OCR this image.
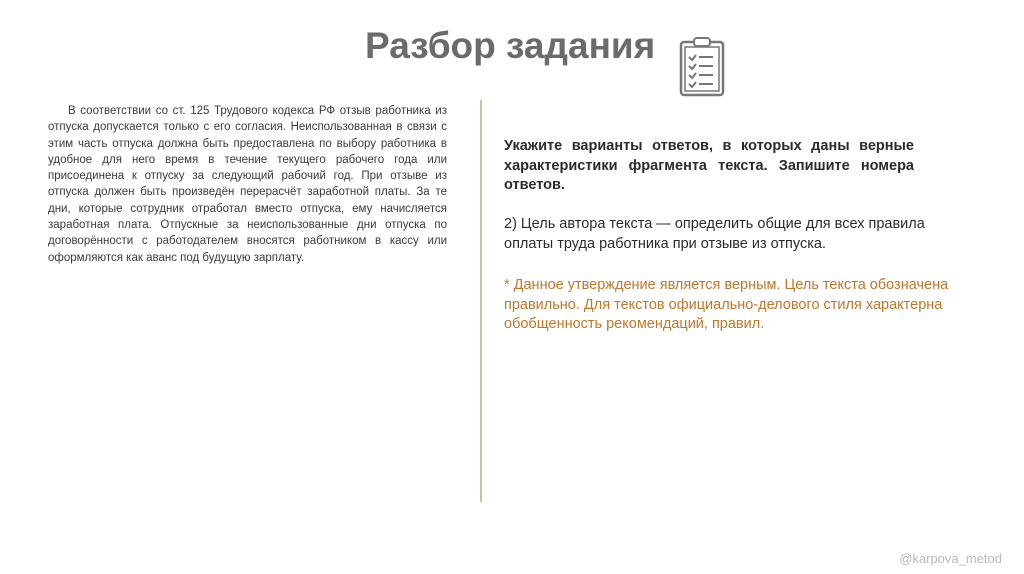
Разбор задания
В соответствии со ст. 125 Трудового кодекса РФ отзыв работника из отпуска допускается только с его согласия. Неиспользованная в связи с этим часть отпуска должна быть предоставлена по выбору работника в удобное для него время в течение текущего рабочего года или присоединена к отпуску за следующий рабочий год. При отзыве из отпуска должен быть произведён перерасчёт заработной платы. За те дни, которые сотрудник отработал вместо отпуска, ему начисляется заработная плата. Отпускные за неиспользованные дни отпуска по договорённости с работодателем вносятся работником в кассу или оформляются как аванс под будущую зарплату.
Укажите варианты ответов, в которых даны верные характеристики фрагмента текста. Запишите номера ответов.
2) Цель автора текста — определить общие для всех правила оплаты труда работника при отзыве из отпуска.
* Данное утверждение является верным. Цель текста обозначена правильно. Для текстов официально-делового стиля характерна обобщенность рекомендаций, правил.
@karpova_metod
